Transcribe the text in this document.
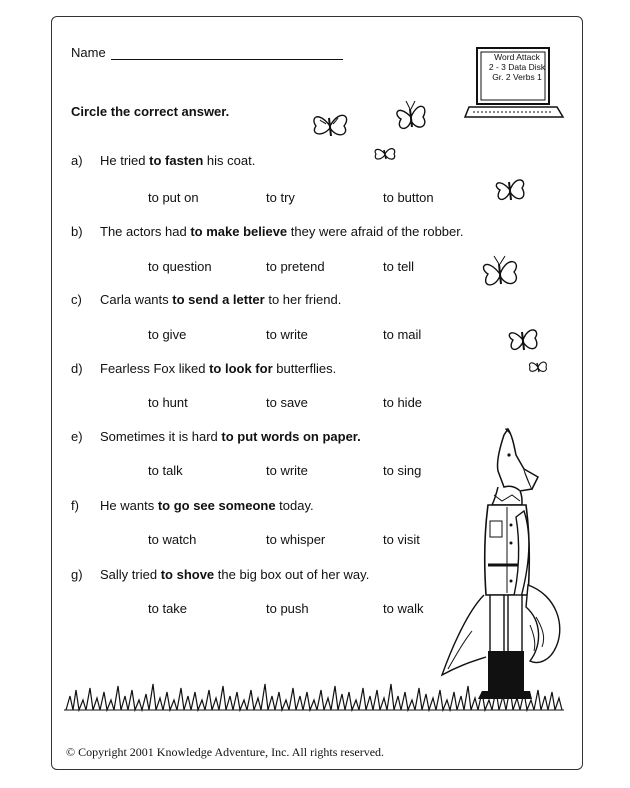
Name
Circle the correct answer.
Word Attack
2 - 3 Data Disk
Gr. 2 Verbs 1
a) He tried to fasten his coat.
to put on	to try	to button
b) The actors had to make believe they were afraid of the robber.
to question	to pretend	to tell
c) Carla wants to send a letter to her friend.
to give	to write	to mail
d) Fearless Fox liked to look for butterflies.
to hunt	to save	to hide
e) Sometimes it is hard to put words on paper.
to talk	to write	to sing
f) He wants to go see someone today.
to watch	to whisper	to visit
g) Sally tried to shove the big box out of her way.
to take	to push	to walk
© Copyright 2001 Knowledge Adventure, Inc. All rights reserved.
